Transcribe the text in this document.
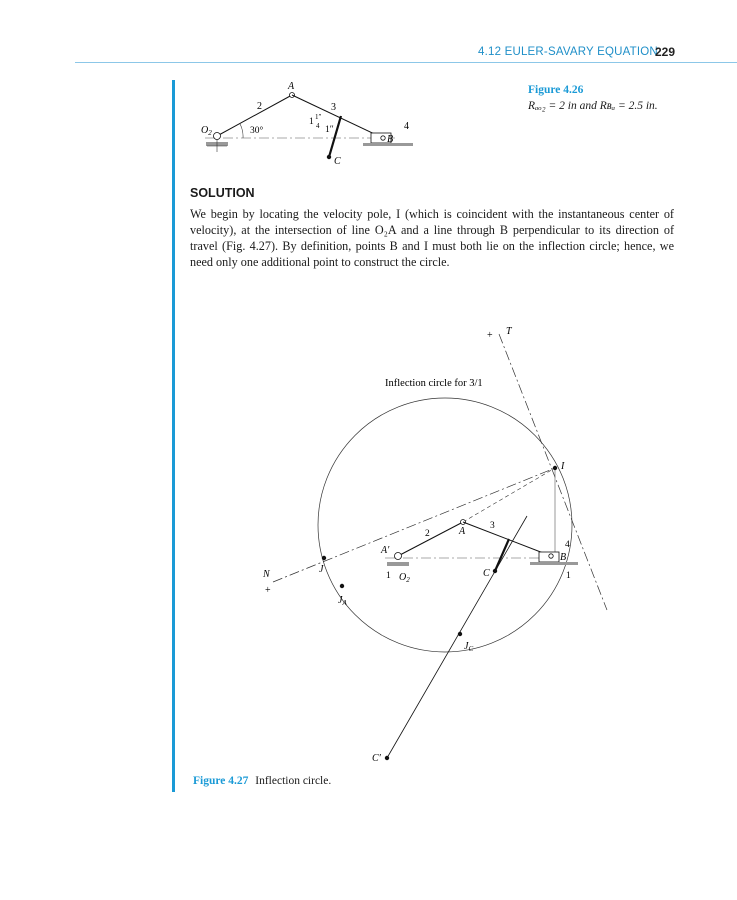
4.12 EULER-SAVARY EQUATION
229
A
2	3
4
$O_2$	30°
1 1″
4 1″
B
C
Figure 4.26
Rₐₒ₂ = 2 in and Rʙₐ = 2.5 in.
SOLUTION
We begin by locating the velocity pole, I (which is coincident with the instantaneous center of velocity), at the intersection of line O₂A and a line through B perpendicular to its direction of travel (Fig. 4.27). By definition, points B and I must both lie on the inflection circle; hence, we need only one additional point to construct the circle.
Inflection circle for 3/1
+ T
I
N
+
J
$J_A$
A′
1 $O_2$
2	A	3
C
4
B
1
$J_C$
C′
Figure 4.27 Inflection circle.
